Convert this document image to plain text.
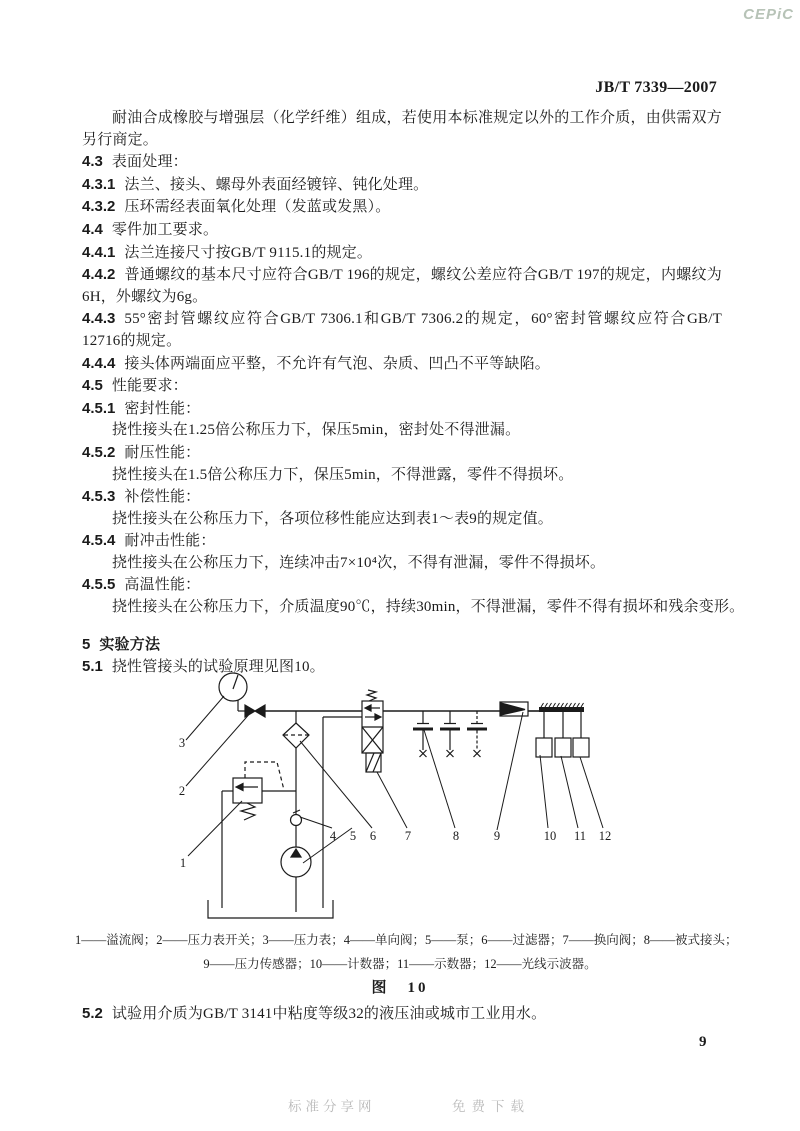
CEPiC
JB/T 7339—2007

耐油合成橡胶与增强层（化学纤维）组成，若使用本标准规定以外的工作介质，由供需双方另行商定。

4.3 表面处理：

4.3.1 法兰、接头、螺母外表面经镀锌、钝化处理。

4.3.2 压环需经表面氧化处理（发蓝或发黑）。

4.4 零件加工要求。

4.4.1 法兰连接尺寸按GB/T 9115.1的规定。

4.4.2 普通螺纹的基本尺寸应符合GB/T 196的规定，螺纹公差应符合GB/T 197的规定，内螺纹为6H，外螺纹为6g。

4.4.3 55°密封管螺纹应符合GB/T 7306.1和GB/T 7306.2的规定，60°密封管螺纹应符合GB/T 12716的规定。

4.4.4 接头体两端面应平整，不允许有气泡、杂质、凹凸不平等缺陷。

4.5 性能要求：

4.5.1 密封性能：

挠性接头在1.25倍公称压力下，保压5min，密封处不得泄漏。

4.5.2 耐压性能：

挠性接头在1.5倍公称压力下，保压5min，不得泄露，零件不得损坏。

4.5.3 补偿性能：

挠性接头在公称压力下，各项位移性能应达到表1～表9的规定值。

4.5.4 耐冲击性能：

挠性接头在公称压力下，连续冲击7×10⁴次，不得有泄漏，零件不得损坏。

4.5.5 高温性能：

挠性接头在公称压力下，介质温度90℃，持续30min，不得泄漏，零件不得有损坏和残余变形。

5 实验方法

5.1 挠性管接头的试验原理见图10。

1
2
3
4 5 6 7	8	9	10 11 12

1——溢流阀；2——压力表开关；3——压力表；4——单向阀；5——泵；6——过滤器；7——换向阀；8——被式接头；

9——压力传感器；10——计数器；11——示数器；12——光线示波器。

图　10

5.2 试验用介质为GB/T 3141中粘度等级32的液压油或城市工业用水。

9
标准分享网	免费下载
